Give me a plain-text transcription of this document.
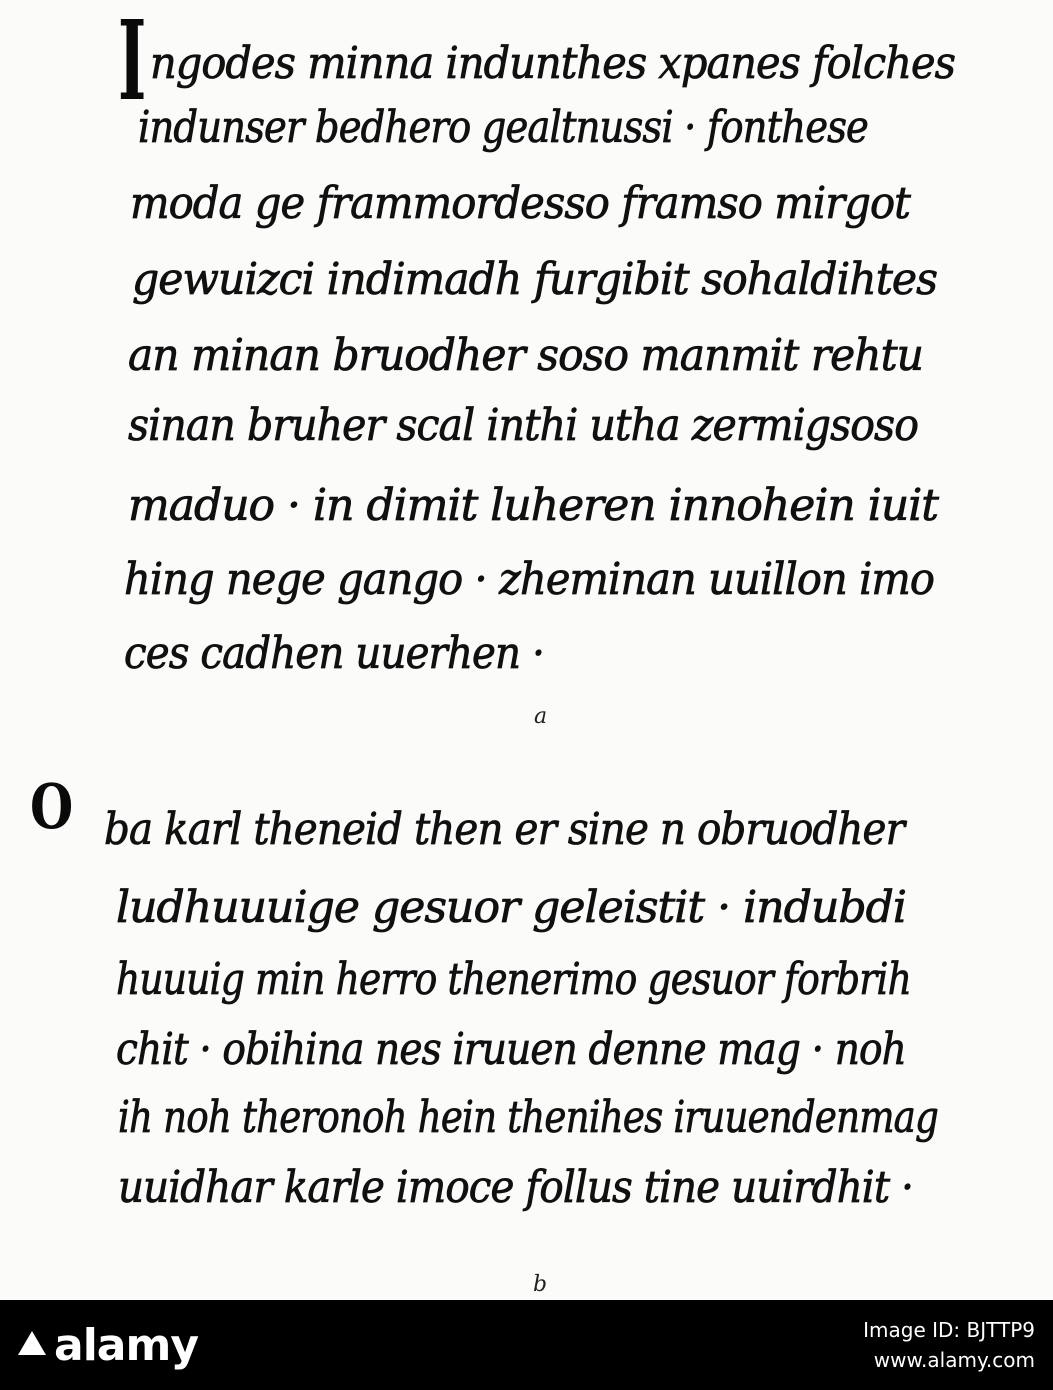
I ngodes minna indunthes xpanes folches
indunser bedhero gealtnussi · fonthese
moda ge frammordesso framso mirgot
gewuizci indimadh furgibit sohaldihtes
an minan bruodher soso manmit rehtu
sinan bruher scal inthi utha zermigsoso
maduo · in dimit luheren innohein iuit
hing nege gango · zheminan uuillon imo
ces cadhen uuerhen ·
a
O ba karl theneid then er sine n obruodher
ludhuuuige gesuor geleistit · indubdi
huuuig min herro thenerimo gesuor forbrih
chit · obihina nes iruuen denne mag · noh
ih noh theronoh hein thenihes iruuendenmag
uuidhar karle imoce follus tine uuirdhit ·
b
alamy	Image ID: BJTTP9
www.alamy.com
